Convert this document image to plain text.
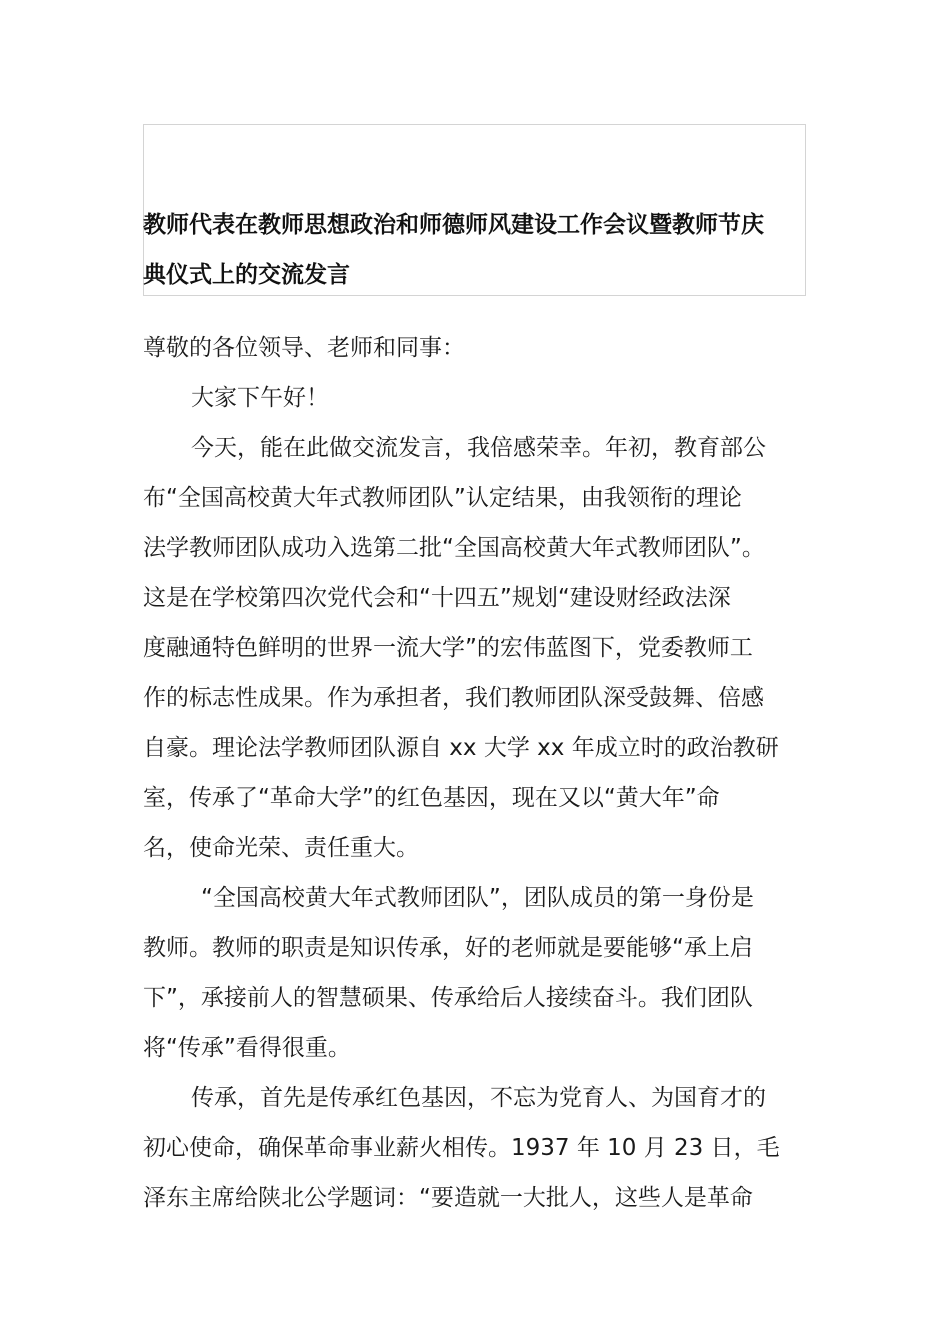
教师代表在教师思想政治和师德师风建设工作会议暨教师节庆
典仪式上的交流发言
尊敬的各位领导、老师和同事：
大家下午好！
今天，能在此做交流发言，我倍感荣幸。年初，教育部公
布“全国高校黄大年式教师团队”认定结果，由我领衔的理论
法学教师团队成功入选第二批“全国高校黄大年式教师团队”。
这是在学校第四次党代会和“十四五”规划“建设财经政法深
度融通特色鲜明的世界一流大学”的宏伟蓝图下，党委教师工
作的标志性成果。作为承担者，我们教师团队深受鼓舞、倍感
自豪。理论法学教师团队源自 xx 大学 xx 年成立时的政治教研
室，传承了“革命大学”的红色基因，现在又以“黄大年”命
名，使命光荣、责任重大。
“全国高校黄大年式教师团队”，团队成员的第一身份是
教师。教师的职责是知识传承，好的老师就是要能够“承上启
下”，承接前人的智慧硕果、传承给后人接续奋斗。我们团队
将“传承”看得很重。
传承，首先是传承红色基因，不忘为党育人、为国育才的
初心使命，确保革命事业薪火相传。1937 年 10 月 23 日，毛
泽东主席给陕北公学题词：“要造就一大批人，这些人是革命
